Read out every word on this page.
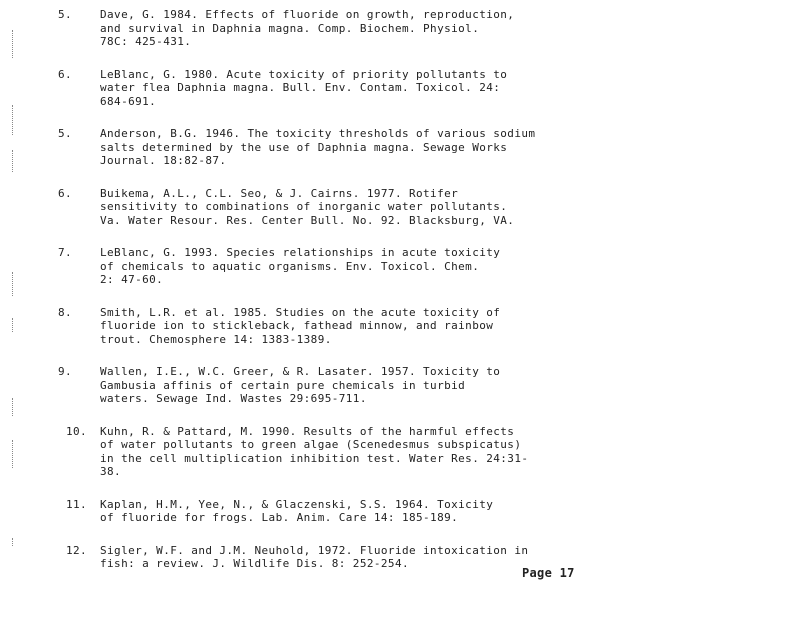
5.	Dave, G. 1984. Effects of fluoride on growth, reproduction,
and survival in Daphnia magna. Comp. Biochem. Physiol.
78C: 425-431.
6.	LeBlanc, G. 1980. Acute toxicity of priority pollutants to
water flea Daphnia magna. Bull. Env. Contam. Toxicol. 24:
684-691.
5.	Anderson, B.G. 1946. The toxicity thresholds of various sodium
salts determined by the use of Daphnia magna. Sewage Works
Journal. 18:82-87.
6.	Buikema, A.L., C.L. Seo, & J. Cairns. 1977. Rotifer
sensitivity to combinations of inorganic water pollutants.
Va. Water Resour. Res. Center Bull. No. 92. Blacksburg, VA.
7.	LeBlanc, G. 1993. Species relationships in acute toxicity
of chemicals to aquatic organisms. Env. Toxicol. Chem.
2: 47-60.
8.	Smith, L.R. et al. 1985. Studies on the acute toxicity of
fluoride ion to stickleback, fathead minnow, and rainbow
trout. Chemosphere 14: 1383-1389.
9.	Wallen, I.E., W.C. Greer, & R. Lasater. 1957. Toxicity to
Gambusia affinis of certain pure chemicals in turbid
waters. Sewage Ind. Wastes 29:695-711.
10.	Kuhn, R. & Pattard, M. 1990. Results of the harmful effects
of water pollutants to green algae (Scenedesmus subspicatus)
in the cell multiplication inhibition test. Water Res. 24:31-
38.
11.	Kaplan, H.M., Yee, N., & Glaczenski, S.S. 1964. Toxicity
of fluoride for frogs. Lab. Anim. Care 14: 185-189.
12.	Sigler, W.F. and J.M. Neuhold, 1972. Fluoride intoxication in
fish: a review. J. Wildlife Dis. 8: 252-254.
Page 17
